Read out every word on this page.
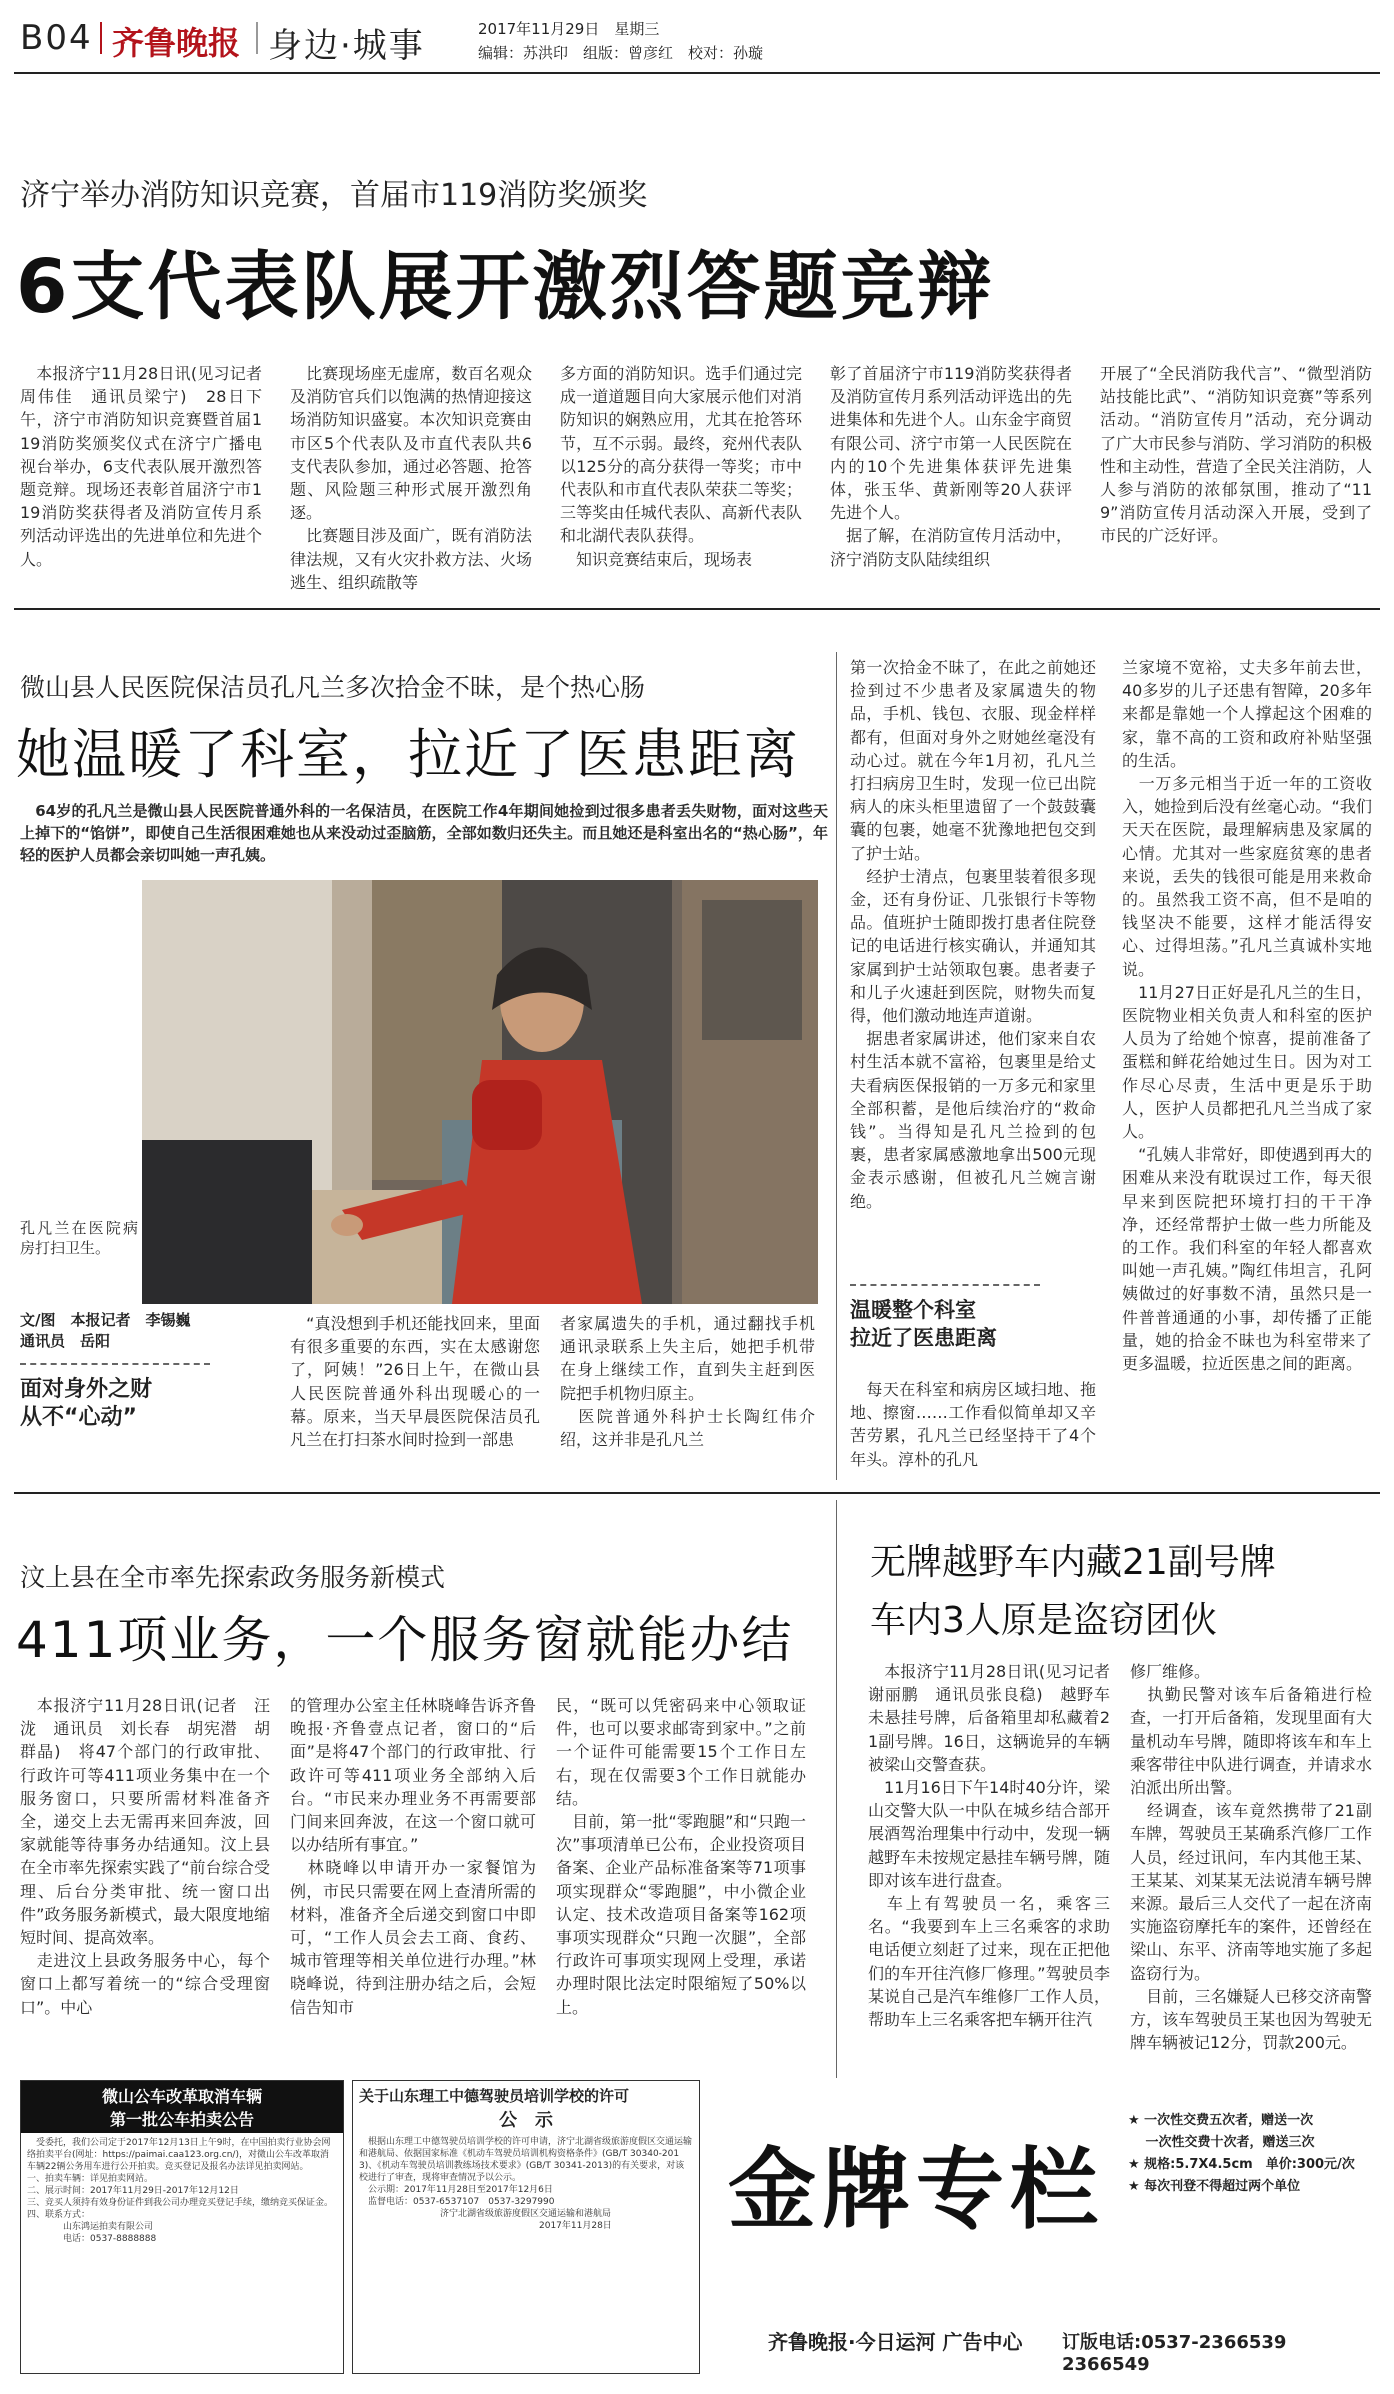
B04 齐鲁晚报 身边·城事	2017年11月29日　星期三
编辑：苏洪印　组版：曾彦红　校对：孙璇
济宁举办消防知识竞赛，首届市119消防奖颁奖
6支代表队展开激烈答题竞辩
　本报济宁11月28日讯(见习记者　周伟佳　通讯员梁宁)　28日下午，济宁市消防知识竞赛暨首届119消防奖颁奖仪式在济宁广播电视台举办，6支代表队展开激烈答题竞辩。现场还表彰首届济宁市119消防奖获得者及消防宣传月系列活动评选出的先进单位和先进个人。
　比赛现场座无虚席，数百名观众及消防官兵们以饱满的热情迎接这场消防知识盛宴。本次知识竞赛由市区5个代表队及市直代表队共6支代表队参加，通过必答题、抢答题、风险题三种形式展开激烈角逐。
　比赛题目涉及面广，既有消防法律法规，又有火灾扑救方法、火场逃生、组织疏散等
多方面的消防知识。选手们通过完成一道道题目向大家展示他们对消防知识的娴熟应用，尤其在抢答环节，互不示弱。最终，兖州代表队以125分的高分获得一等奖；市中代表队和市直代表队荣获二等奖；三等奖由任城代表队、高新代表队和北湖代表队获得。
　知识竞赛结束后，现场表
彰了首届济宁市119消防奖获得者及消防宣传月系列活动评选出的先进集体和先进个人。山东金宇商贸有限公司、济宁市第一人民医院在内的10个先进集体获评先进集体，张玉华、黄新刚等20人获评先进个人。
　据了解，在消防宣传月活动中，济宁消防支队陆续组织
开展了“全民消防我代言”、“微型消防站技能比武”、“消防知识竞赛”等系列活动。“消防宣传月”活动，充分调动了广大市民参与消防、学习消防的积极性和主动性，营造了全民关注消防，人人参与消防的浓郁氛围，推动了“119”消防宣传月活动深入开展，受到了市民的广泛好评。
微山县人民医院保洁员孔凡兰多次拾金不昧，是个热心肠
她温暖了科室，拉近了医患距离
　64岁的孔凡兰是微山县人民医院普通外科的一名保洁员，在医院工作4年期间她捡到过很多患者丢失财物，面对这些天上掉下的“馅饼”，即使自己生活很困难她也从来没动过歪脑筋，全部如数归还失主。而且她还是科室出名的“热心肠”，年轻的医护人员都会亲切叫她一声孔姨。
孔凡兰在医院病房打扫卫生。
文/图　本报记者　李锡巍
通讯员　岳阳
面对身外之财
从不“心动”
　“真没想到手机还能找回来，里面有很多重要的东西，实在太感谢您了，阿姨！”26日上午，在微山县人民医院普通外科出现暖心的一幕。原来，当天早晨医院保洁员孔凡兰在打扫茶水间时捡到一部患
者家属遗失的手机，通过翻找手机通讯录联系上失主后，她把手机带在身上继续工作，直到失主赶到医院把手机物归原主。
　医院普通外科护士长陶红伟介绍，这并非是孔凡兰
第一次拾金不昧了，在此之前她还捡到过不少患者及家属遗失的物品，手机、钱包、衣服、现金样样都有，但面对身外之财她丝毫没有动心过。就在今年1月初，孔凡兰打扫病房卫生时，发现一位已出院病人的床头柜里遗留了一个鼓鼓囊囊的包裹，她毫不犹豫地把包交到了护士站。
　经护士清点，包裹里装着很多现金，还有身份证、几张银行卡等物品。值班护士随即拨打患者住院登记的电话进行核实确认，并通知其家属到护士站领取包裹。患者妻子和儿子火速赶到医院，财物失而复得，他们激动地连声道谢。
　据患者家属讲述，他们家来自农村生活本就不富裕，包裹里是给丈夫看病医保报销的一万多元和家里全部积蓄，是他后续治疗的“救命钱”。当得知是孔凡兰捡到的包裹，患者家属感激地拿出500元现金表示感谢，但被孔凡兰婉言谢绝。
温暖整个科室
拉近了医患距离
　每天在科室和病房区域扫地、拖地、擦窗……工作看似简单却又辛苦劳累，孔凡兰已经坚持干了4个年头。淳朴的孔凡
兰家境不宽裕，丈夫多年前去世，40多岁的儿子还患有智障，20多年来都是靠她一个人撑起这个困难的家，靠不高的工资和政府补贴坚强的生活。
　一万多元相当于近一年的工资收入，她捡到后没有丝毫心动。“我们天天在医院，最理解病患及家属的心情。尤其对一些家庭贫寒的患者来说，丢失的钱很可能是用来救命的。虽然我工资不高，但不是咱的钱坚决不能要，这样才能活得安心、过得坦荡。”孔凡兰真诚朴实地说。
　11月27日正好是孔凡兰的生日，医院物业相关负责人和科室的医护人员为了给她个惊喜，提前准备了蛋糕和鲜花给她过生日。因为对工作尽心尽责，生活中更是乐于助人，医护人员都把孔凡兰当成了家人。
　“孔姨人非常好，即使遇到再大的困难从来没有耽误过工作，每天很早来到医院把环境打扫的干干净净，还经常帮护士做一些力所能及的工作。我们科室的年轻人都喜欢叫她一声孔姨。”陶红伟坦言，孔阿姨做过的好事数不清，虽然只是一件普普通通的小事，却传播了正能量，她的拾金不昧也为科室带来了更多温暖，拉近医患之间的距离。
汶上县在全市率先探索政务服务新模式
411项业务，一个服务窗就能办结
　本报济宁11月28日讯(记者　汪泷　通讯员　刘长春　胡宪潜　胡群晶)　将47个部门的行政审批、行政许可等411项业务集中在一个服务窗口，只要所需材料准备齐全，递交上去无需再来回奔波，回家就能等待事务办结通知。汶上县在全市率先探索实践了“前台综合受理、后台分类审批、统一窗口出件”政务服务新模式，最大限度地缩短时间、提高效率。
　走进汶上县政务服务中心，每个窗口上都写着统一的“综合受理窗口”。中心
的管理办公室主任林晓峰告诉齐鲁晚报·齐鲁壹点记者，窗口的“后面”是将47个部门的行政审批、行政许可等411项业务全部纳入后台。“市民来办理业务不再需要部门间来回奔波，在这一个窗口就可以办结所有事宜。”
　林晓峰以申请开办一家餐馆为例，市民只需要在网上查清所需的材料，准备齐全后递交到窗口中即可，“工作人员会去工商、食药、城市管理等相关单位进行办理。”林晓峰说，待到注册办结之后，会短信告知市
民，“既可以凭密码来中心领取证件，也可以要求邮寄到家中。”之前一个证件可能需要15个工作日左右，现在仅需要3个工作日就能办结。
　目前，第一批“零跑腿”和“只跑一次”事项清单已公布，企业投资项目备案、企业产品标准备案等71项事项实现群众“零跑腿”，中小微企业认定、技术改造项目备案等162项事项实现群众“只跑一次腿”，全部行政许可事项实现网上受理，承诺办理时限比法定时限缩短了50%以上。
无牌越野车内藏21副号牌
车内3人原是盗窃团伙
　本报济宁11月28日讯(见习记者　谢丽鹏　通讯员张良稳)　越野车未悬挂号牌，后备箱里却私藏着21副号牌。16日，这辆诡异的车辆被梁山交警查获。
　11月16日下午14时40分许，梁山交警大队一中队在城乡结合部开展酒驾治理集中行动中，发现一辆越野车未按规定悬挂车辆号牌，随即对该车进行盘查。
　车上有驾驶员一名，乘客三名。“我要到车上三名乘客的求助电话便立刻赶了过来，现在正把他们的车开往汽修厂修理。”驾驶员李某说自己是汽车维修厂工作人员，帮助车上三名乘客把车辆开往汽
修厂维修。
　执勤民警对该车后备箱进行检查，一打开后备箱，发现里面有大量机动车号牌，随即将该车和车上乘客带往中队进行调查，并请求水泊派出所出警。
　经调查，该车竟然携带了21副车牌，驾驶员王某确系汽修厂工作人员，经过讯问，车内其他王某、王某某、刘某某无法说清车辆号牌来源。最后三人交代了一起在济南实施盗窃摩托车的案件，还曾经在梁山、东平、济南等地实施了多起盗窃行为。
　目前，三名嫌疑人已移交济南警方，该车驾驶员王某也因为驾驶无牌车辆被记12分，罚款200元。
微山公车改革取消车辆
第一批公车拍卖公告
　受委托，我们公司定于2017年12月13日上午9时，在中国拍卖行业协会网络拍卖平台(网址：https://paimai.caa123.org.cn/)，对微山公车改革取消车辆22辆公务用车进行公开拍卖。竞买登记及报名办法详见拍卖网站。
一、拍卖车辆：详见拍卖网站。
二、展示时间：2017年11月29日-2017年12月12日
三、竞买人须持有效身份证件到我公司办理竞买登记手续，缴纳竞买保证金。
四、联系方式：
　　　　山东鸿运拍卖有限公司
　　　　电话：0537-8888888
关于山东理工中德驾驶员培训学校的许可
公　示
　根据山东理工中德驾驶员培训学校的许可申请，济宁北湖省级旅游度假区交通运输和港航局、依据国家标准《机动车驾驶员培训机构资格条件》(GB/T 30340-2013)、《机动车驾驶员培训教练场技术要求》(GB/T 30341-2013)的有关要求，对该校进行了审查，现将审查情况予以公示。
　公示期：2017年11月28日至2017年12月6日
　监督电话：0537-6537107　0537-3297990
　　　　　　　　　济宁北湖省级旅游度假区交通运输和港航局
　　　　　　　　　　　　　　　　　　　　2017年11月28日	金牌专栏
★ 一次性交费五次者，赠送一次
　 一次性交费十次者，赠送三次
★ 规格:5.7X4.5cm　单价:300元/次
★ 每次刊登不得超过两个单位
齐鲁晚报·今日运河 广告中心 订版电话:0537-2366539 2366549
